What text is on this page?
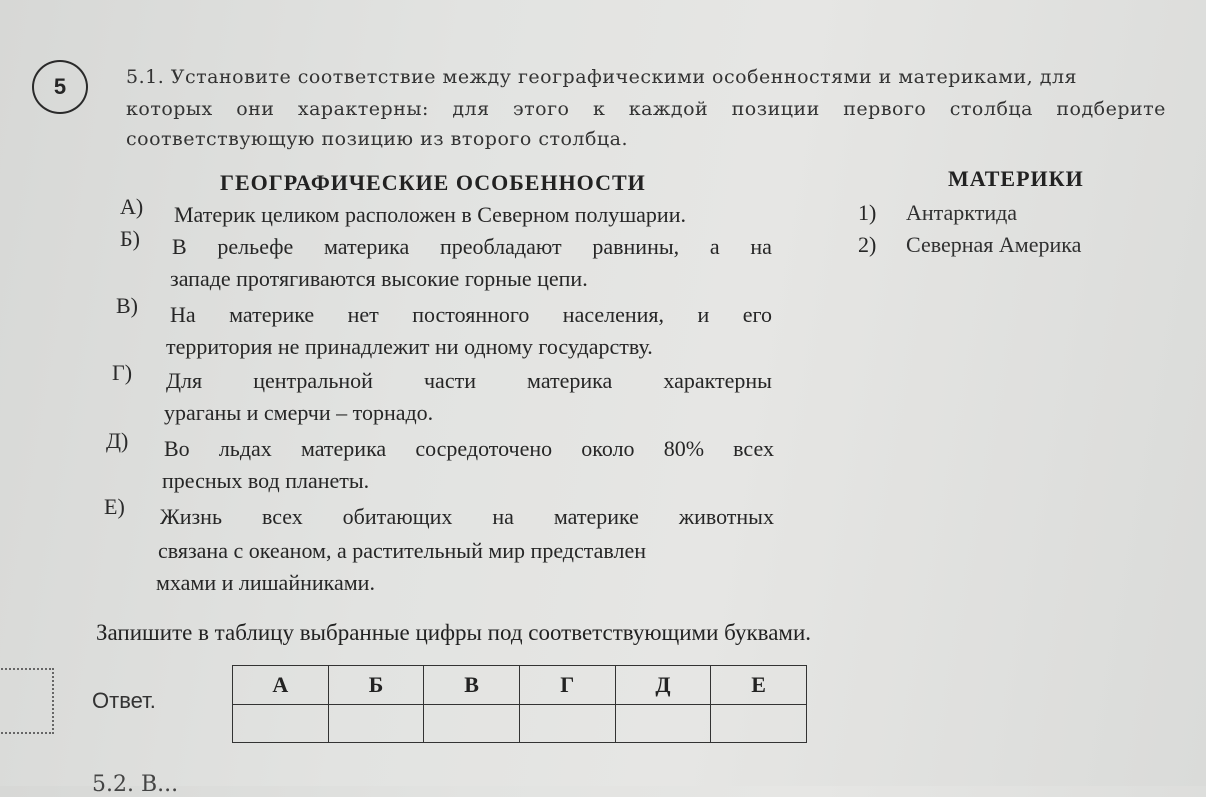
5	5.1. Установите соответствие между географическими особенностями и материками, для
которых они характерны: для этого к каждой позиции первого столбца подберите
соответствующую позицию из второго столбца.
ГЕОГРАФИЧЕСКИЕ ОСОБЕННОСТИ	МАТЕРИКИ
А) Материк целиком расположен в Северном полушарии.
Б) В рельефе материка преобладают равнины, а на
западе протягиваются высокие горные цепи.
В) На материке нет постоянного населения, и его
территория не принадлежит ни одному государству.
Г) Для центральной части материка характерны
ураганы и смерчи – торнадо.
Д) Во льдах материка сосредоточено около 80% всех
пресных вод планеты.
Е) Жизнь всех обитающих на материке животных
связана с океаном, а растительный мир представлен
мхами и лишайниками.
1) Антарктида
2) Северная Америка
Запишите в таблицу выбранные цифры под соответствующими буквами.
Ответ.
А	Б	В	Г	Д	Е

5.2. В...
